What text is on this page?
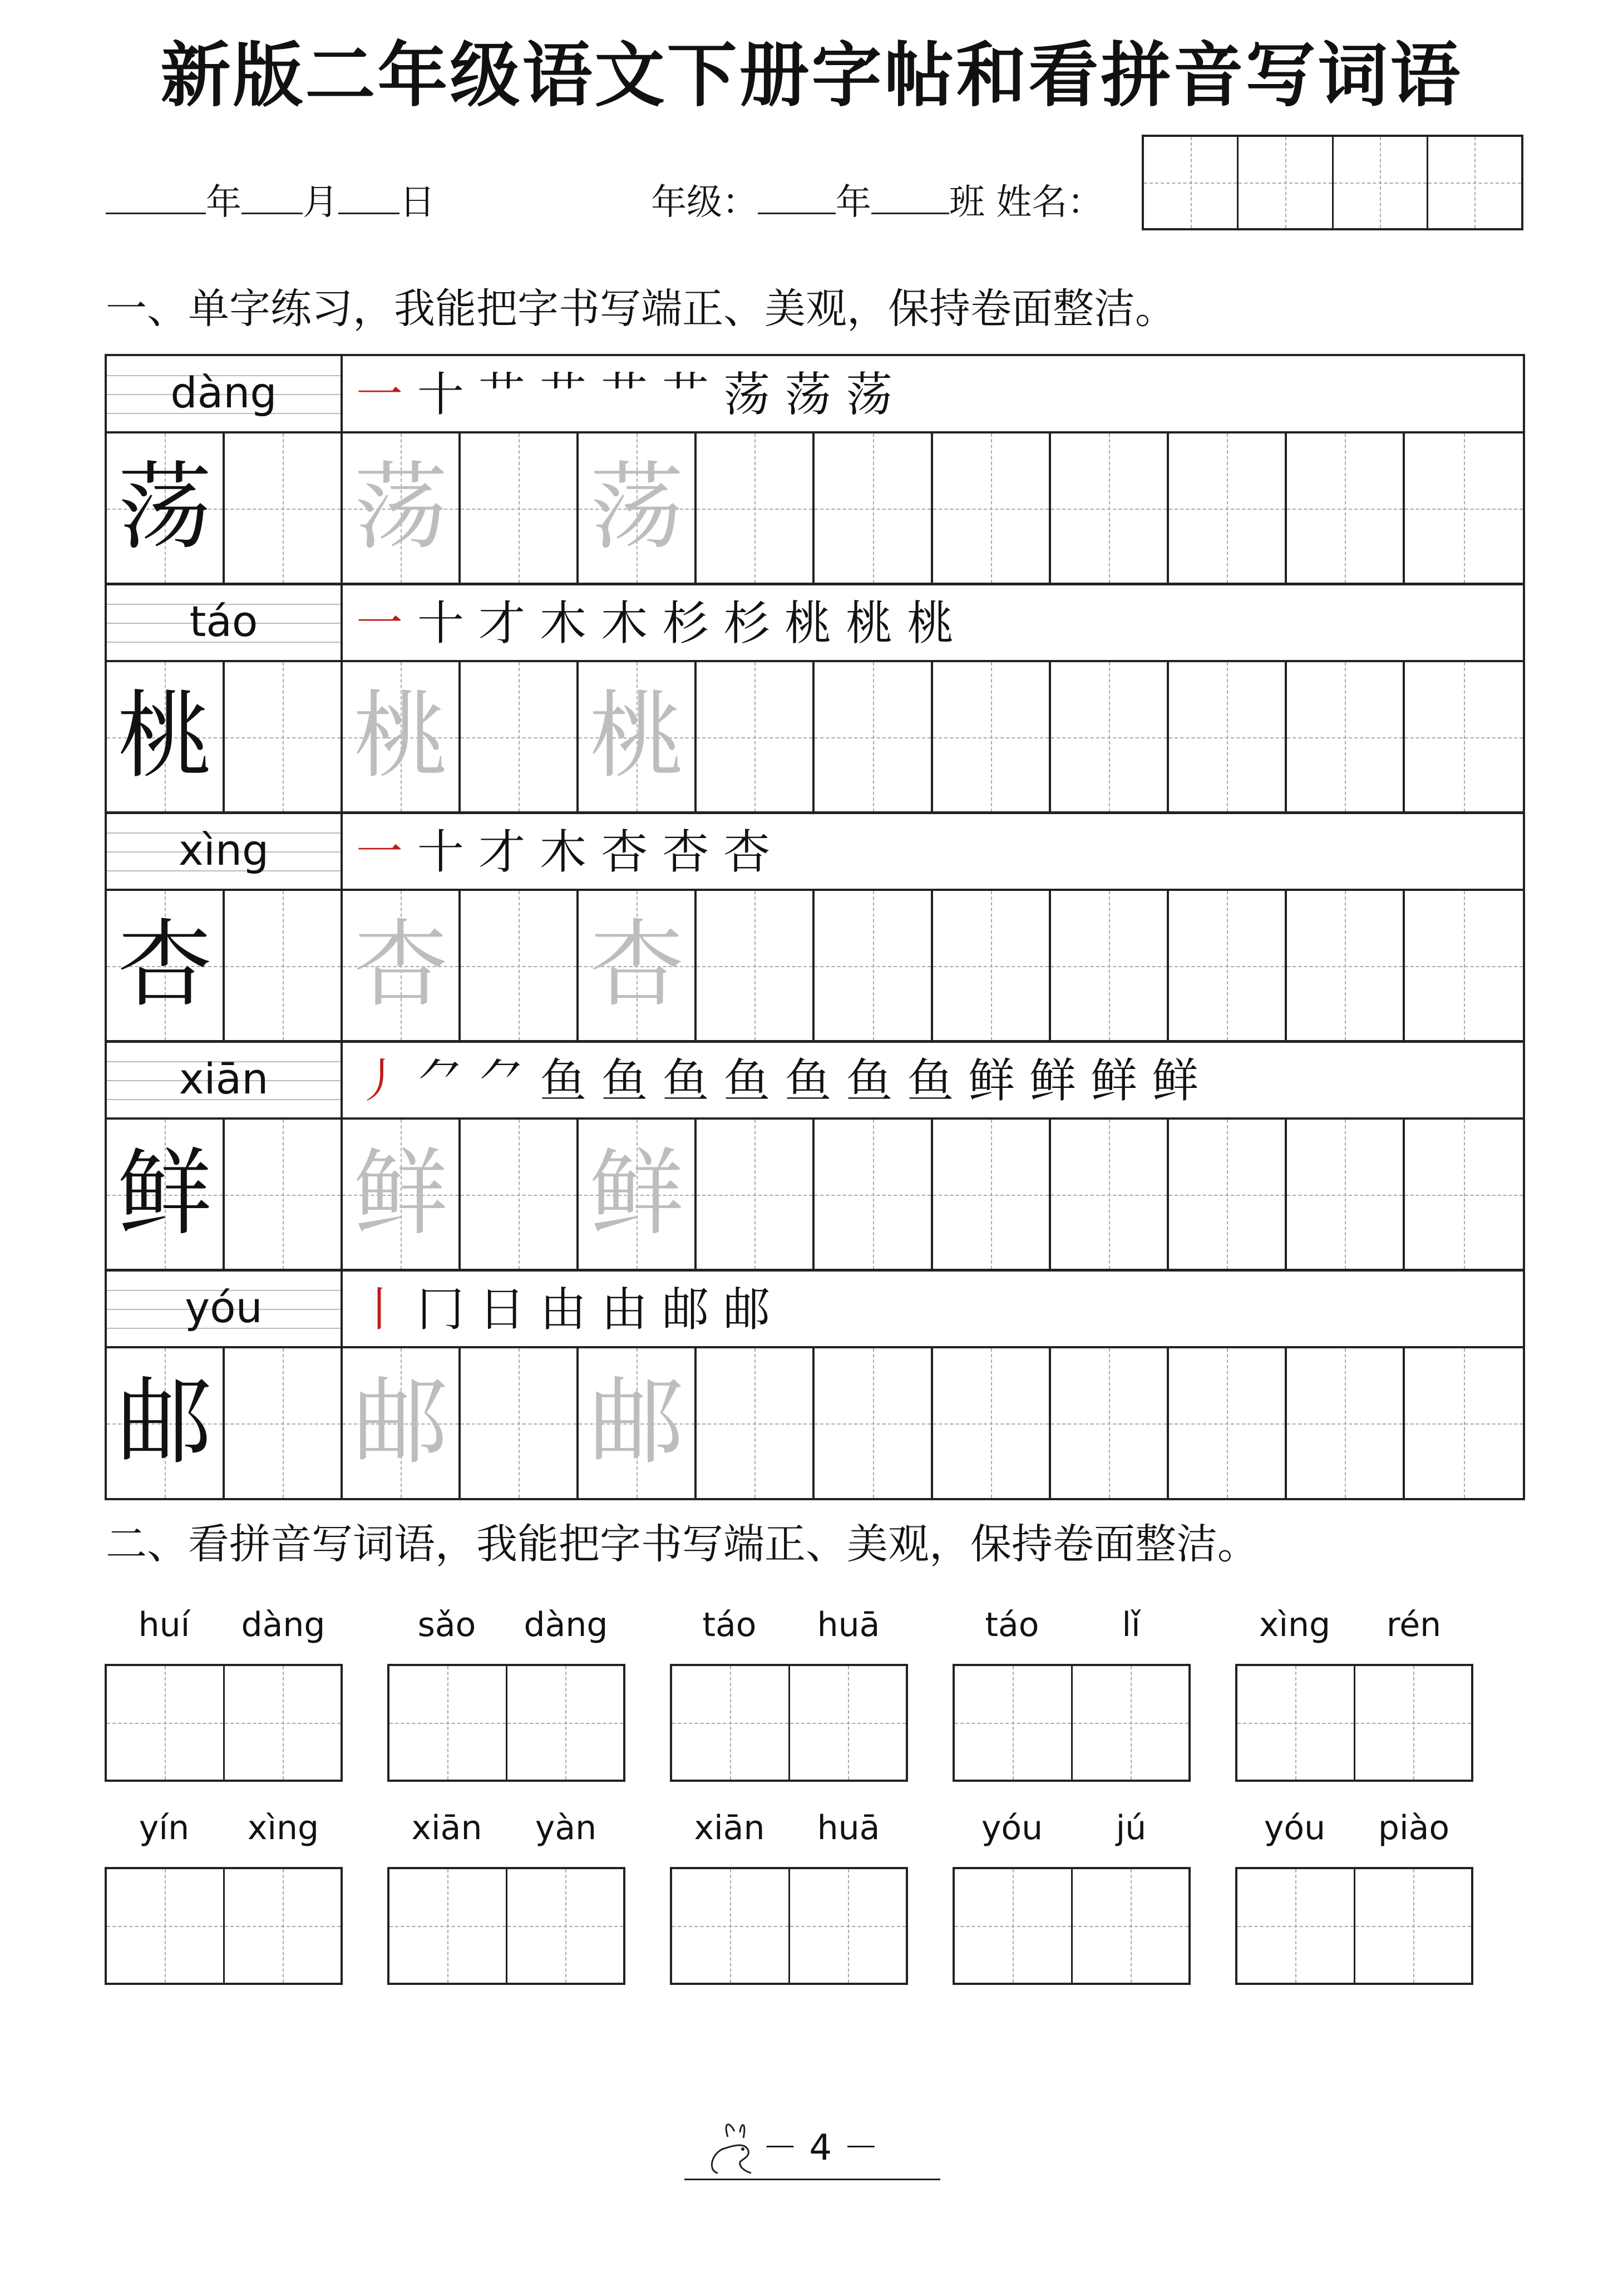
新版二年级语文下册字帖和看拼音写词语
年 月 日	年级： 年 班 姓名：
一、单字练习，我能把字书写端正、美观，保持卷面整洁。
dàng	一 十 艹 艹 艹 艹 荡 荡 荡
荡 荡 荡
táo	一 十 才 木 木 杉 杉 桃 桃 桃
桃 桃 桃
xìng	一 十 才 木 杏 杏 杏
杏 杏 杏
xiān	丿 ⺈ ⺈ 鱼 鱼 鱼 鱼 鱼 鱼 鱼 鲜 鲜 鲜 鲜
鲜 鲜 鲜
yóu	丨 冂 日 由 由 邮 邮
邮 邮 邮
二、看拼音写词语，我能把字书写端正、美观，保持卷面整洁。
huí	dàng	sǎo	dàng	táo	huā	táo	lǐ	xìng	rén
yín	xìng	xiān	yàn	xiān	huā	yóu	jú	yóu	piào
－ 4 －
